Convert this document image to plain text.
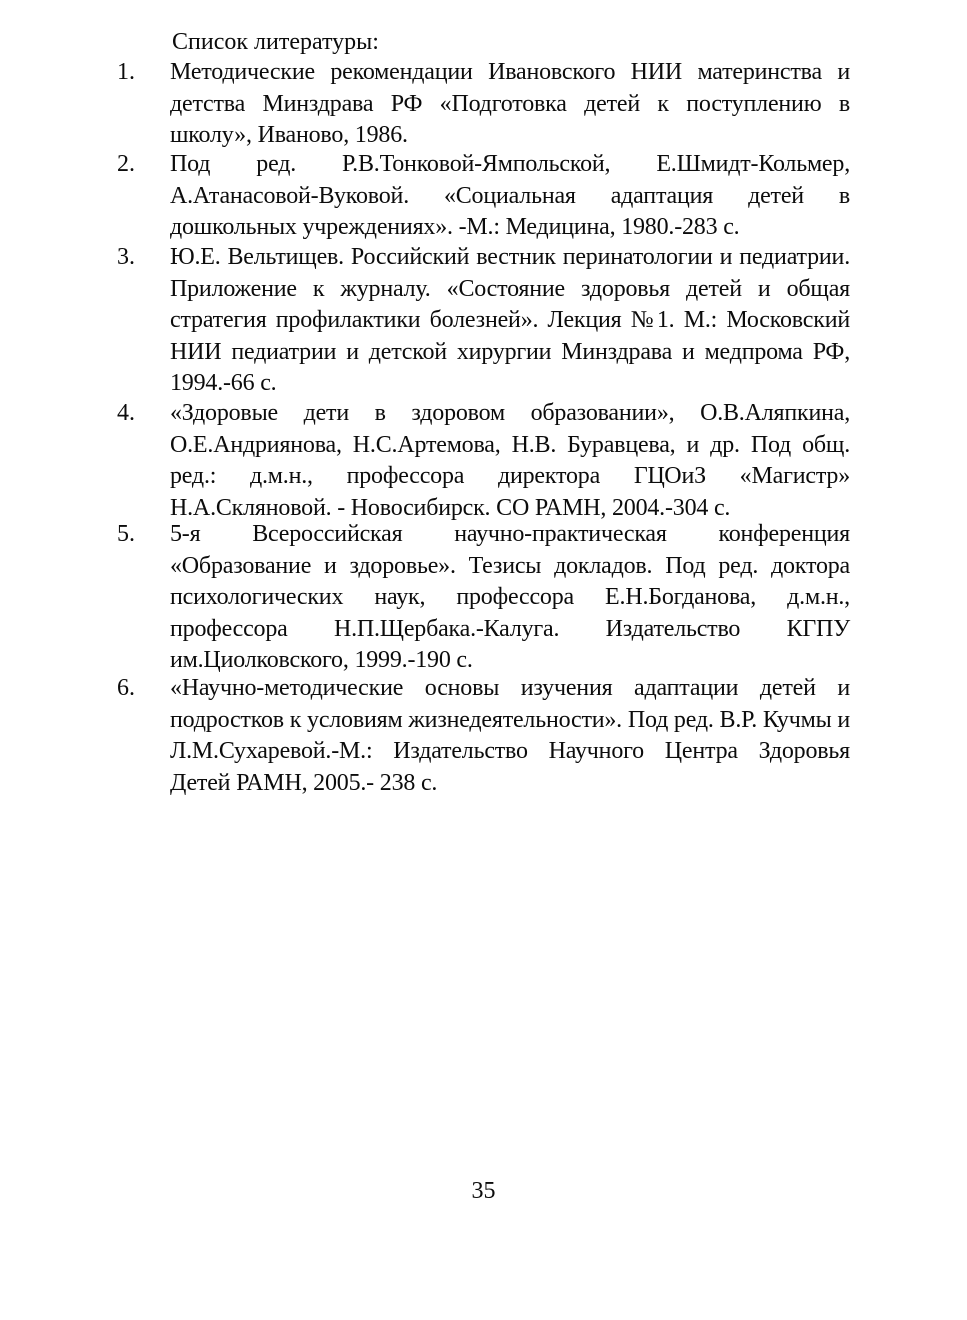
Список литературы:
1. Методические рекомендации Ивановского НИИ материнства и детства Минздрава РФ «Подготовка детей к поступлению в школу», Иваново, 1986.
2. Под ред. Р.В.Тонковой-Ямпольской, Е.Шмидт-Кольмер, А.Атанасовой-Вуковой. «Социальная адаптация детей в дошкольных учреждениях». -М.: Медицина, 1980.-283 с.
3. Ю.Е. Вельтищев. Российский вестник перинатологии и педиатрии. Приложение к журналу. «Состояние здоровья детей и общая стратегия профилактики болезней». Лекция №1. М.: Московский НИИ педиатрии и детской хирургии Минздрава и медпрома РФ, 1994.-66 с.
4. «Здоровые дети в здоровом образовании», О.В.Аляпкина, О.Е.Андриянова, Н.С.Артемова, Н.В. Буравцева, и др. Под общ. ред.: д.м.н., профессора директора ГЦОиЗ «Магистр» Н.А.Скляновой. - Новосибирск. СО РАМН, 2004.-304 с.
5. 5-я Всероссийская научно-практическая конференция «Образование и здоровье». Тезисы докладов. Под ред. доктора психологических наук, профессора Е.Н.Богданова, д.м.н., профессора Н.П.Щербака.-Калуга. Издательство КГПУ им.Циолковского, 1999.-190 с.
6. «Научно-методические основы изучения адаптации детей и подростков к условиям жизнедеятельности». Под ред. В.Р. Кучмы и Л.М.Сухаревой.-М.: Издательство Научного Центра Здоровья Детей РАМН, 2005.- 238 с.
35
